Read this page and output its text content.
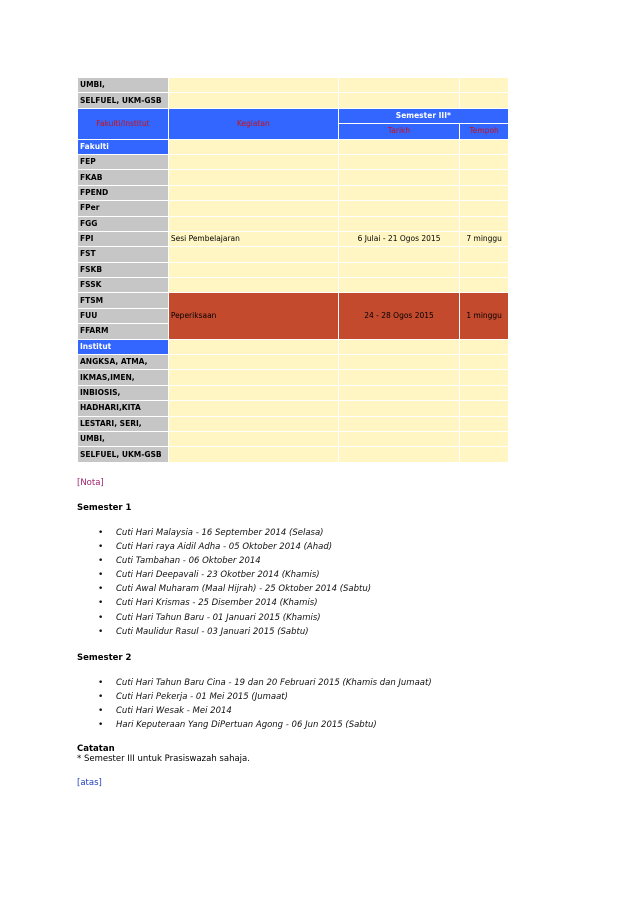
UMBI,			
SELFUEL, UKM-GSB			
Fakulti/Institut	Kegiatan	Semester III*	
		Tarikh	Tempoh
Fakulti			
FEP			
FKAB			
FPEND			
FPer			
FGG			
FPI	Sesi Pembelajaran	6 Julai - 21 Ogos 2015	7 minggu
FST			
FSKB			
FSSK			
FTSM	Peperiksaan	24 - 28 Ogos 2015	1 minggu
FUU			
FFARM			
Institut			
ANGKSA, ATMA,			
IKMAS,IMEN,			
INBIOSIS,			
HADHARI,KITA			
LESTARI, SERI,			
UMBI,			
SELFUEL, UKM-GSB			
[Nota]
Semester 1
• Cuti Hari Malaysia - 16 September 2014 (Selasa)
• Cuti Hari raya Aidil Adha - 05 Oktober 2014 (Ahad)
• Cuti Tambahan - 06 Oktober 2014
• Cuti Hari Deepavali - 23 Okotber 2014 (Khamis)
• Cuti Awal Muharam (Maal Hijrah) - 25 Oktober 2014 (Sabtu)
• Cuti Hari Krismas - 25 Disember 2014 (Khamis)
• Cuti Hari Tahun Baru - 01 Januari 2015 (Khamis)
• Cuti Maulidur Rasul - 03 Januari 2015 (Sabtu)
Semester 2
• Cuti Hari Tahun Baru Cina - 19 dan 20 Februari 2015 (Khamis dan Jumaat)
• Cuti Hari Pekerja - 01 Mei 2015 (Jumaat)
• Cuti Hari Wesak - Mei 2014
• Hari Keputeraan Yang DiPertuan Agong - 06 Jun 2015 (Sabtu)
Catatan
* Semester III untuk Prasiswazah sahaja.
[atas]
